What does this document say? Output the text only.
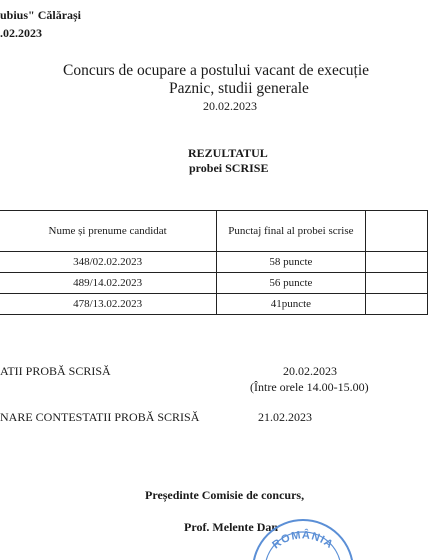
ubius" Călărași
.02.2023
Concurs de ocupare a postului vacant de execuție
Paznic, studii generale
20.02.2023
REZULTATUL
probei SCRISE
	Nume și prenume candidat	Punctaj final al probei scrise	
	348/02.02.2023	58 puncte	
	489/14.02.2023	56 puncte	
	478/13.02.2023	41puncte	
ATII PROBĂ SCRISĂ	20.02.2023
(Între orele 14.00-15.00)
NARE CONTESTATII PROBĂ SCRISĂ	21.02.2023
Președinte Comisie de concurs,
Prof. Melente Dan
ROMÂNIA
